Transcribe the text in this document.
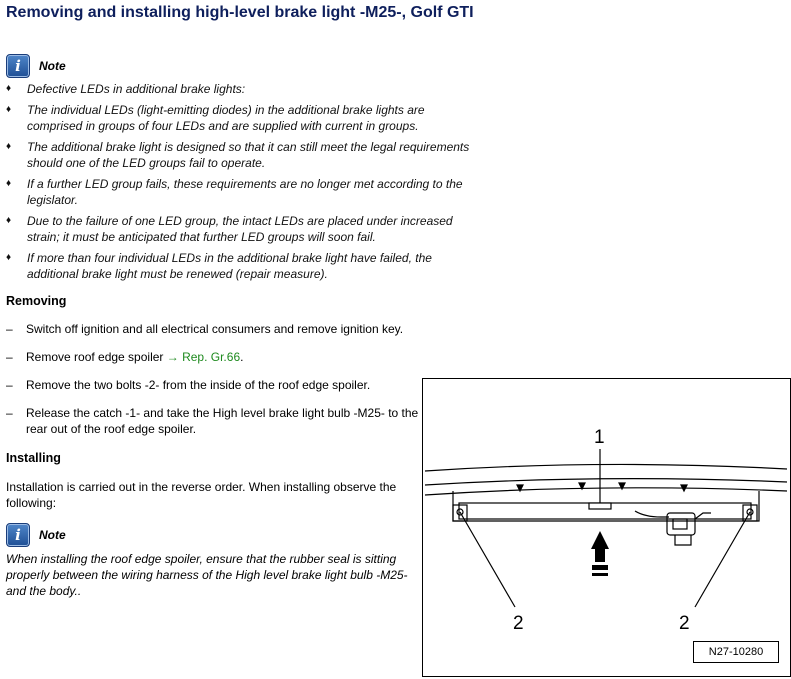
Removing and installing high-level brake light -M25-, Golf GTI
i	Note
♦ Defective LEDs in additional brake lights:
♦ The individual LEDs (light-emitting diodes) in the additional brake lights are comprised in groups of four LEDs and are supplied with current in groups.
♦ The additional brake light is designed so that it can still meet the legal requirements should one of the LED groups fail to operate.
♦ If a further LED group fails, these requirements are no longer met according to the legislator.
♦ Due to the failure of one LED group, the intact LEDs are placed under increased strain; it must be anticipated that further LED groups will soon fail.
♦ If more than four individual LEDs in the additional brake light have failed, the additional brake light must be renewed (repair measure).
Removing
– Switch off ignition and all electrical consumers and remove ignition key.
– Remove roof edge spoiler → Rep. Gr.66.
– Remove the two bolts -2- from the inside of the roof edge spoiler.
– Release the catch -1- and take the High level brake light bulb -M25- to the rear out of the roof edge spoiler.
Installing
Installation is carried out in the reverse order. When installing observe the following:
i	Note
When installing the roof edge spoiler, ensure that the rubber seal is sitting properly between the wiring harness of the High level brake light bulb -M25- and the body..
1
2	2
N27-10280
